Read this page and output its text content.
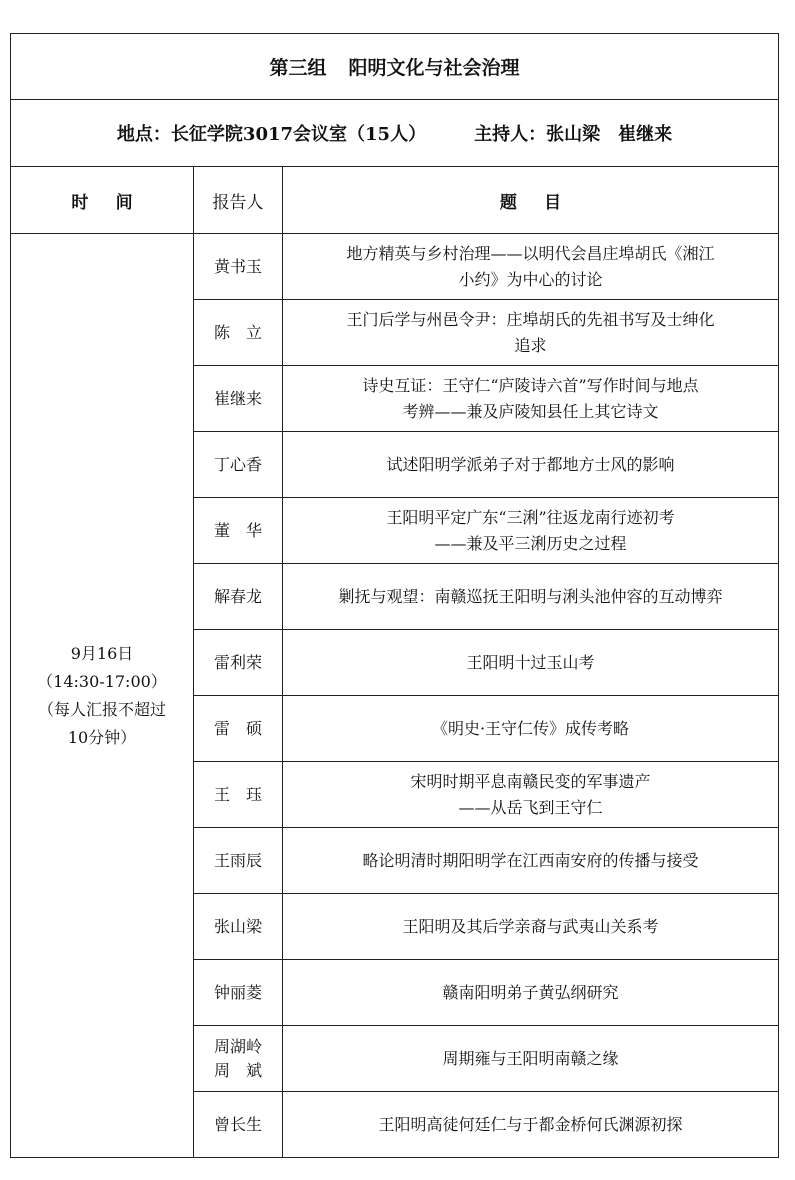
第三组 阳明文化与社会治理		
地点：长征学院3017会议室（15人） 主持人：张山梁　崔继来		
时间	报告人	题目

9月16日
（14:30-17:00）
（每人汇报不超过
10分钟）	黄书玉	地方精英与乡村治理——以明代会昌庄埠胡氏《湘江
小约》为中心的讨论

	陈　立	王门后学与州邑令尹：庄埠胡氏的先祖书写及士绅化
追求

	崔继来	诗史互证：王守仁“庐陵诗六首”写作时间与地点
考辨——兼及庐陵知县任上其它诗文

	丁心香	试述阳明学派弟子对于都地方士风的影响

	董　华	王阳明平定广东“三浰”往返龙南行迹初考
——兼及平三浰历史之过程

	解春龙	剿抚与观望：南赣巡抚王阳明与浰头池仲容的互动博弈

	雷利荣	王阳明十过玉山考

	雷　硕	《明史·王守仁传》成传考略

	王　珏	宋明时期平息南赣民变的军事遗产
——从岳飞到王守仁

	王雨辰	略论明清时期阳明学在江西南安府的传播与接受

	张山梁	王阳明及其后学亲裔与武夷山关系考

	钟丽菱	赣南阳明弟子黄弘纲研究

	周湖岭
周　斌	周期雍与王阳明南赣之缘

	曾长生	王阳明高徒何廷仁与于都金桥何氏渊源初探
